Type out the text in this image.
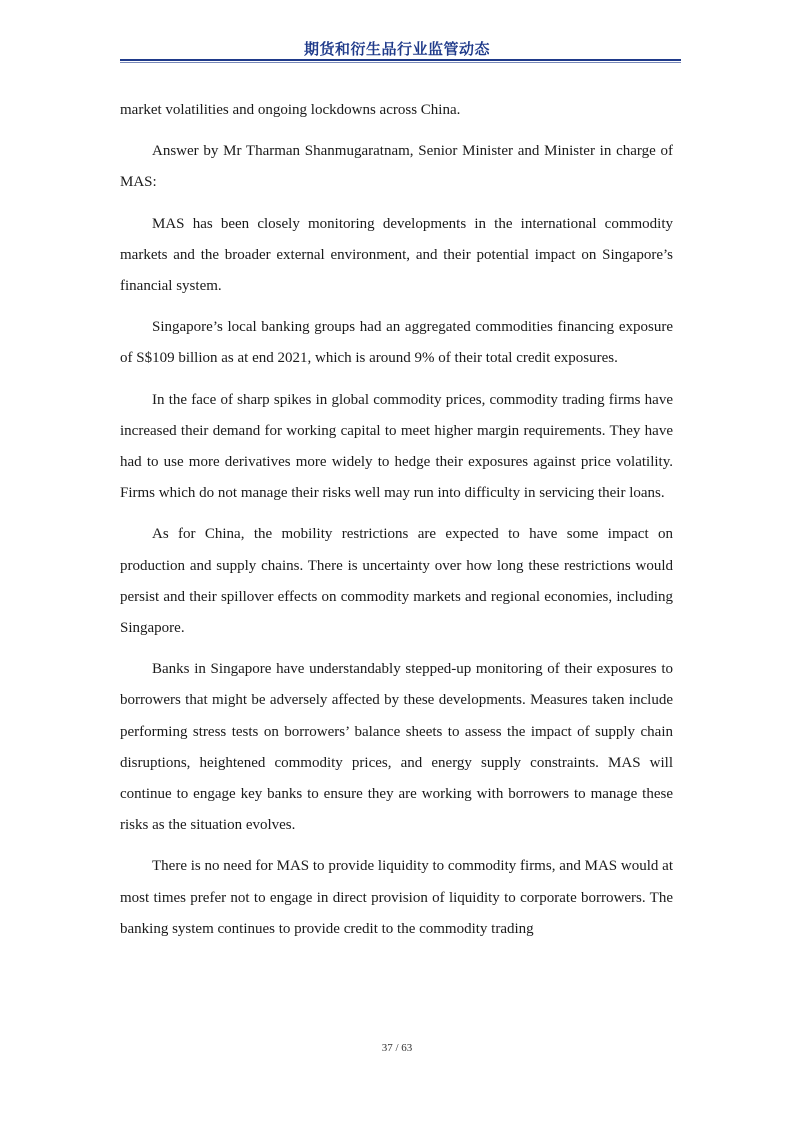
期货和衍生品行业监管动态

market volatilities and ongoing lockdowns across China.

Answer by Mr Tharman Shanmugaratnam, Senior Minister and Minister in charge of MAS:

MAS has been closely monitoring developments in the international commodity markets and the broader external environment, and their potential impact on Singapore’s financial system.

Singapore’s local banking groups had an aggregated commodities financing exposure of S$109 billion as at end 2021, which is around 9% of their total credit exposures.

In the face of sharp spikes in global commodity prices, commodity trading firms have increased their demand for working capital to meet higher margin requirements. They have had to use more derivatives more widely to hedge their exposures against price volatility. Firms which do not manage their risks well may run into difficulty in servicing their loans.

As for China, the mobility restrictions are expected to have some impact on production and supply chains. There is uncertainty over how long these restrictions would persist and their spillover effects on commodity markets and regional economies, including Singapore.

Banks in Singapore have understandably stepped-up monitoring of their exposures to borrowers that might be adversely affected by these developments. Measures taken include performing stress tests on borrowers’ balance sheets to assess the impact of supply chain disruptions, heightened commodity prices, and energy supply constraints. MAS will continue to engage key banks to ensure they are working with borrowers to manage these risks as the situation evolves.

There is no need for MAS to provide liquidity to commodity firms, and MAS would at most times prefer not to engage in direct provision of liquidity to corporate borrowers. The banking system continues to provide credit to the commodity trading

37 / 63
